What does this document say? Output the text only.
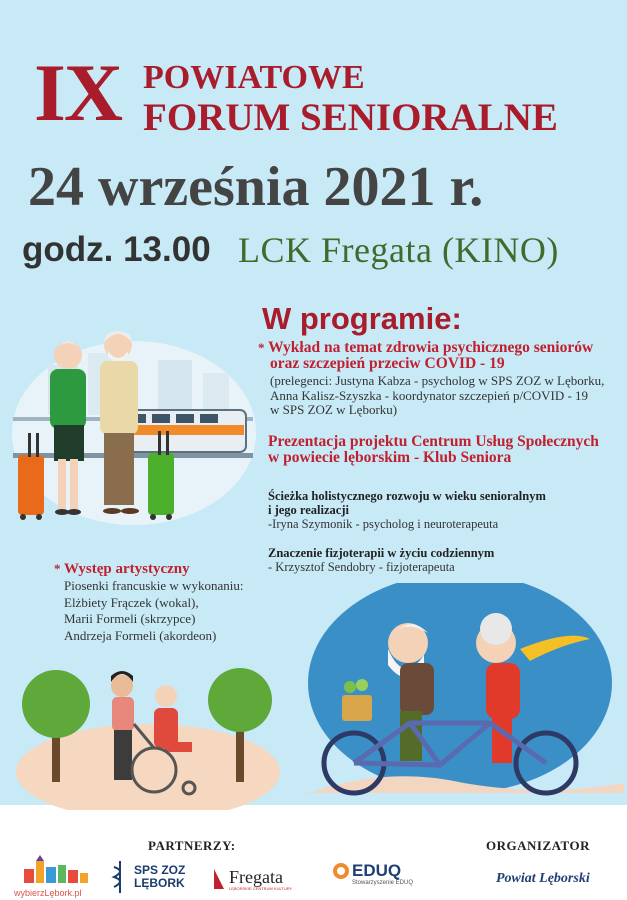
IX POWIATOWE
FORUM SENIORALNE
24 września 2021 r.
godz. 13.00 LCK Fregata (KINO)
W programie:
* Wykład na temat zdrowia psychicznego seniorów
oraz szczepień przeciw COVID - 19
(prelegenci: Justyna Kabza - psycholog w SPS ZOZ w Lęborku,
Anna Kalisz-Szyszka - koordynator szczepień p/COVID - 19
w SPS ZOZ w Lęborku)
Prezentacja projektu Centrum Usług Społecznych
w powiecie lęborskim - Klub Seniora
Ścieżka holistycznego rozwoju w wieku senioralnym
i jego realizacji
-Iryna Szymonik - psycholog i neuroterapeuta
Znaczenie fizjoterapii w życiu codziennym
- Krzysztof Sendobry - fizjoterapeuta
* Występ artystyczny
Piosenki francuskie w wykonaniu:
Elżbiety Frączek (wokal),
Marii Formeli (skrzypce)
Andrzeja Formeli (akordeon)
PARTNERZY:	ORGANIZATOR
wybierzLębork.pl
SPS ZOZ
LĘBORK Fregata
LĘBORSKIE CENTRUM KULTURY
EDUQ
Stowarzyszenie EDUQ	Powiat Lęborski
